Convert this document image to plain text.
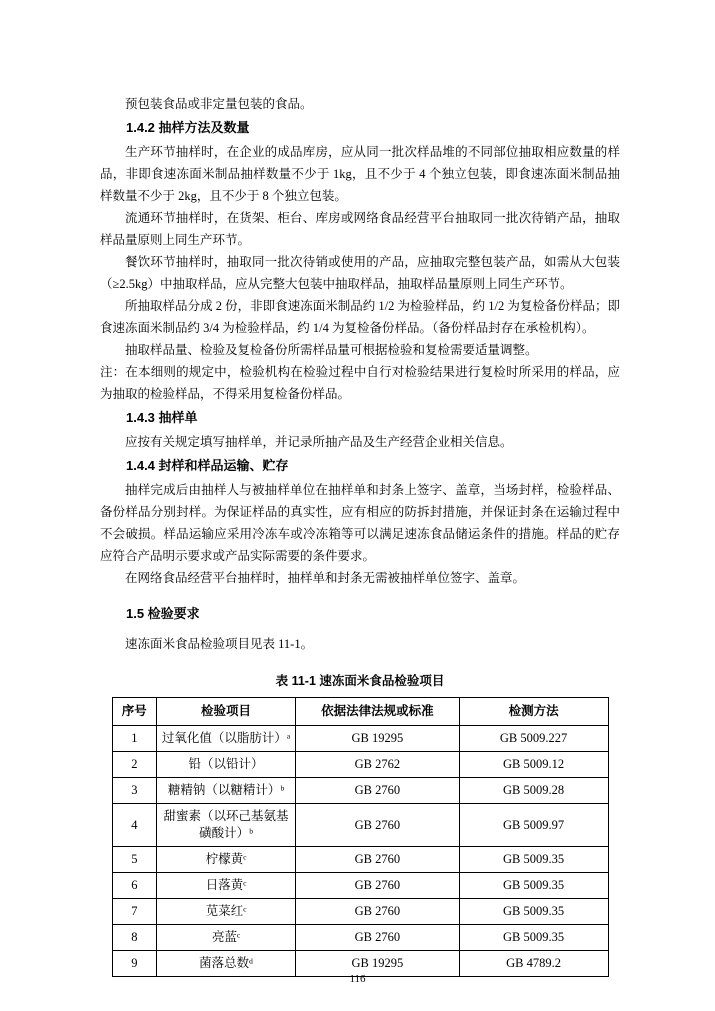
预包装食品或非定量包装的食品。

1.4.2 抽样方法及数量

生产环节抽样时，在企业的成品库房，应从同一批次样品堆的不同部位抽取相应数量的样品，非即食速冻面米制品抽样数量不少于 1kg，且不少于 4 个独立包装，即食速冻面米制品抽样数量不少于 2kg，且不少于 8 个独立包装。

流通环节抽样时，在货架、柜台、库房或网络食品经营平台抽取同一批次待销产品，抽取样品量原则上同生产环节。

餐饮环节抽样时，抽取同一批次待销或使用的产品，应抽取完整包装产品，如需从大包装（≥2.5kg）中抽取样品，应从完整大包装中抽取样品，抽取样品量原则上同生产环节。

所抽取样品分成 2 份，非即食速冻面米制品约 1/2 为检验样品，约 1/2 为复检备份样品；即食速冻面米制品约 3/4 为检验样品，约 1/4 为复检备份样品。（备份样品封存在承检机构）。

抽取样品量、检验及复检备份所需样品量可根据检验和复检需要适量调整。

注：在本细则的规定中，检验机构在检验过程中自行对检验结果进行复检时所采用的样品，应为抽取的检验样品，不得采用复检备份样品。

1.4.3 抽样单

应按有关规定填写抽样单，并记录所抽产品及生产经营企业相关信息。

1.4.4 封样和样品运输、贮存

抽样完成后由抽样人与被抽样单位在抽样单和封条上签字、盖章，当场封样，检验样品、备份样品分别封样。为保证样品的真实性，应有相应的防拆封措施，并保证封条在运输过程中不会破损。样品运输应采用冷冻车或冷冻箱等可以满足速冻食品储运条件的措施。样品的贮存应符合产品明示要求或产品实际需要的条件要求。

在网络食品经营平台抽样时，抽样单和封条无需被抽样单位签字、盖章。

1.5 检验要求

速冻面米食品检验项目见表 11-1。

表 11-1 速冻面米食品检验项目
序号	检验项目	依据法律法规或标准	检测方法
1	过氧化值（以脂肪计）ᵃ	GB 19295	GB 5009.227
2	铅（以铅计）	GB 2762	GB 5009.12
3	糖精钠（以糖精计）ᵇ	GB 2760	GB 5009.28
4	甜蜜素（以环己基氨基磺酸计）ᵇ	GB 2760	GB 5009.97
5	柠檬黄ᶜ	GB 2760	GB 5009.35
6	日落黄ᶜ	GB 2760	GB 5009.35
7	苋菜红ᶜ	GB 2760	GB 5009.35
8	亮蓝ᶜ	GB 2760	GB 5009.35
9	菌落总数ᵈ	GB 19295	GB 4789.2
116
